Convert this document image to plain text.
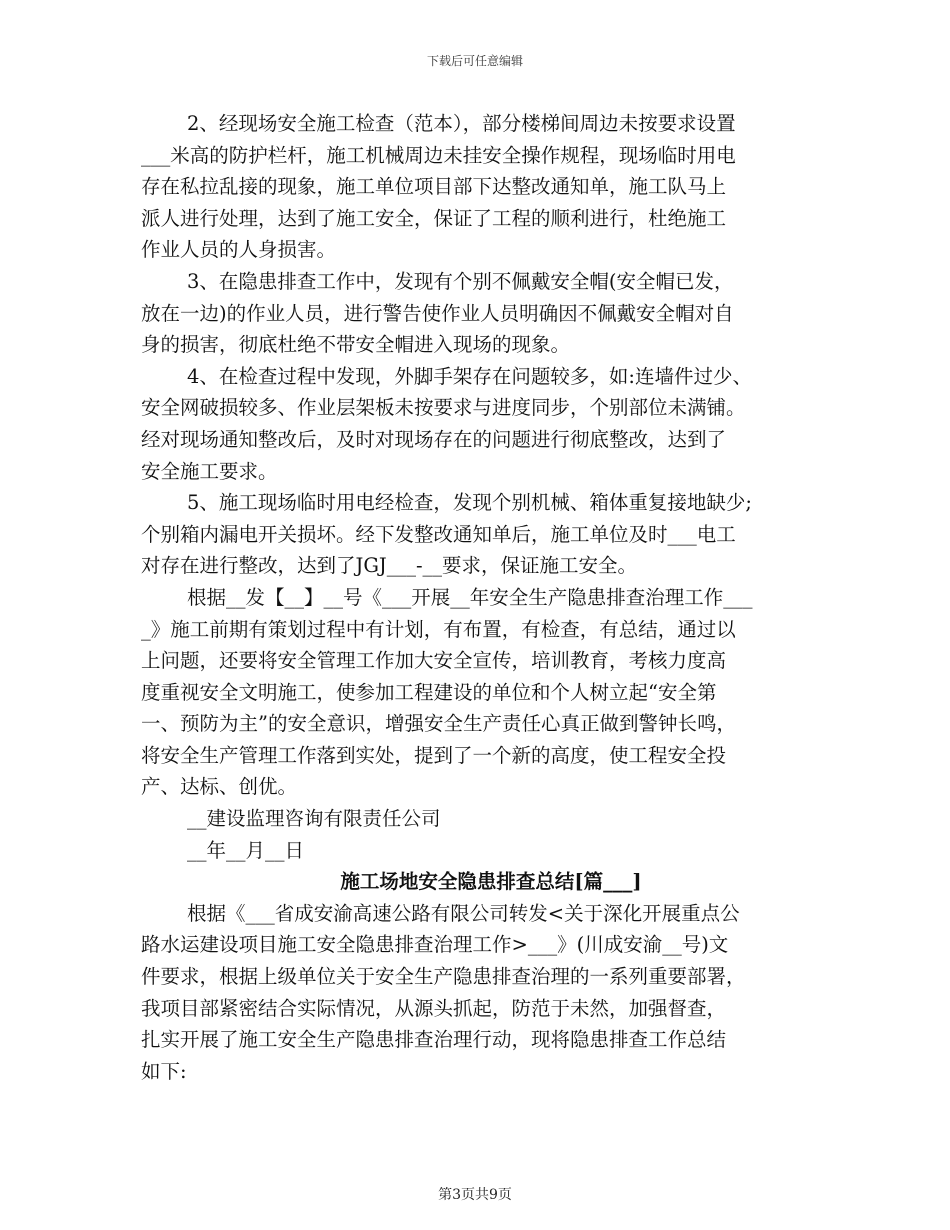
下载后可任意编辑
2、经现场安全施工检查（范本），部分楼梯间周边未按要求设置
___米高的防护栏杆，施工机械周边未挂安全操作规程，现场临时用电
存在私拉乱接的现象，施工单位项目部下达整改通知单，施工队马上
派人进行处理，达到了施工安全，保证了工程的顺利进行，杜绝施工
作业人员的人身损害。
3、在隐患排查工作中，发现有个别不佩戴安全帽(安全帽已发，
放在一边)的作业人员，进行警告使作业人员明确因不佩戴安全帽对自
身的损害，彻底杜绝不带安全帽进入现场的现象。
4、在检查过程中发现，外脚手架存在问题较多，如:连墙件过少、
安全网破损较多、作业层架板未按要求与进度同步，个别部位未满铺。
经对现场通知整改后，及时对现场存在的问题进行彻底整改，达到了
安全施工要求。
5、施工现场临时用电经检查，发现个别机械、箱体重复接地缺少;
个别箱内漏电开关损坏。经下发整改通知单后，施工单位及时___电工
对存在进行整改，达到了JGJ___-__要求，保证施工安全。
根据__发【__】__号《___开展__年安全生产隐患排查治理工作___
_》施工前期有策划过程中有计划，有布置，有检查，有总结，通过以
上问题，还要将安全管理工作加大安全宣传，培训教育，考核力度高
度重视安全文明施工，使参加工程建设的单位和个人树立起“安全第
一、预防为主”的安全意识，增强安全生产责任心真正做到警钟长鸣，
将安全生产管理工作落到实处，提到了一个新的高度，使工程安全投
产、达标、创优。
__建设监理咨询有限责任公司
__年__月__日
施工场地安全隐患排查总结[篇___]
根据《___省成安渝高速公路有限公司转发<关于深化开展重点公
路水运建设项目施工安全隐患排查治理工作>___》(川成安渝__号)文
件要求，根据上级单位关于安全生产隐患排查治理的一系列重要部署，
我项目部紧密结合实际情况，从源头抓起，防范于未然，加强督查，
扎实开展了施工安全生产隐患排查治理行动，现将隐患排查工作总结
如下:
第3页共9页
